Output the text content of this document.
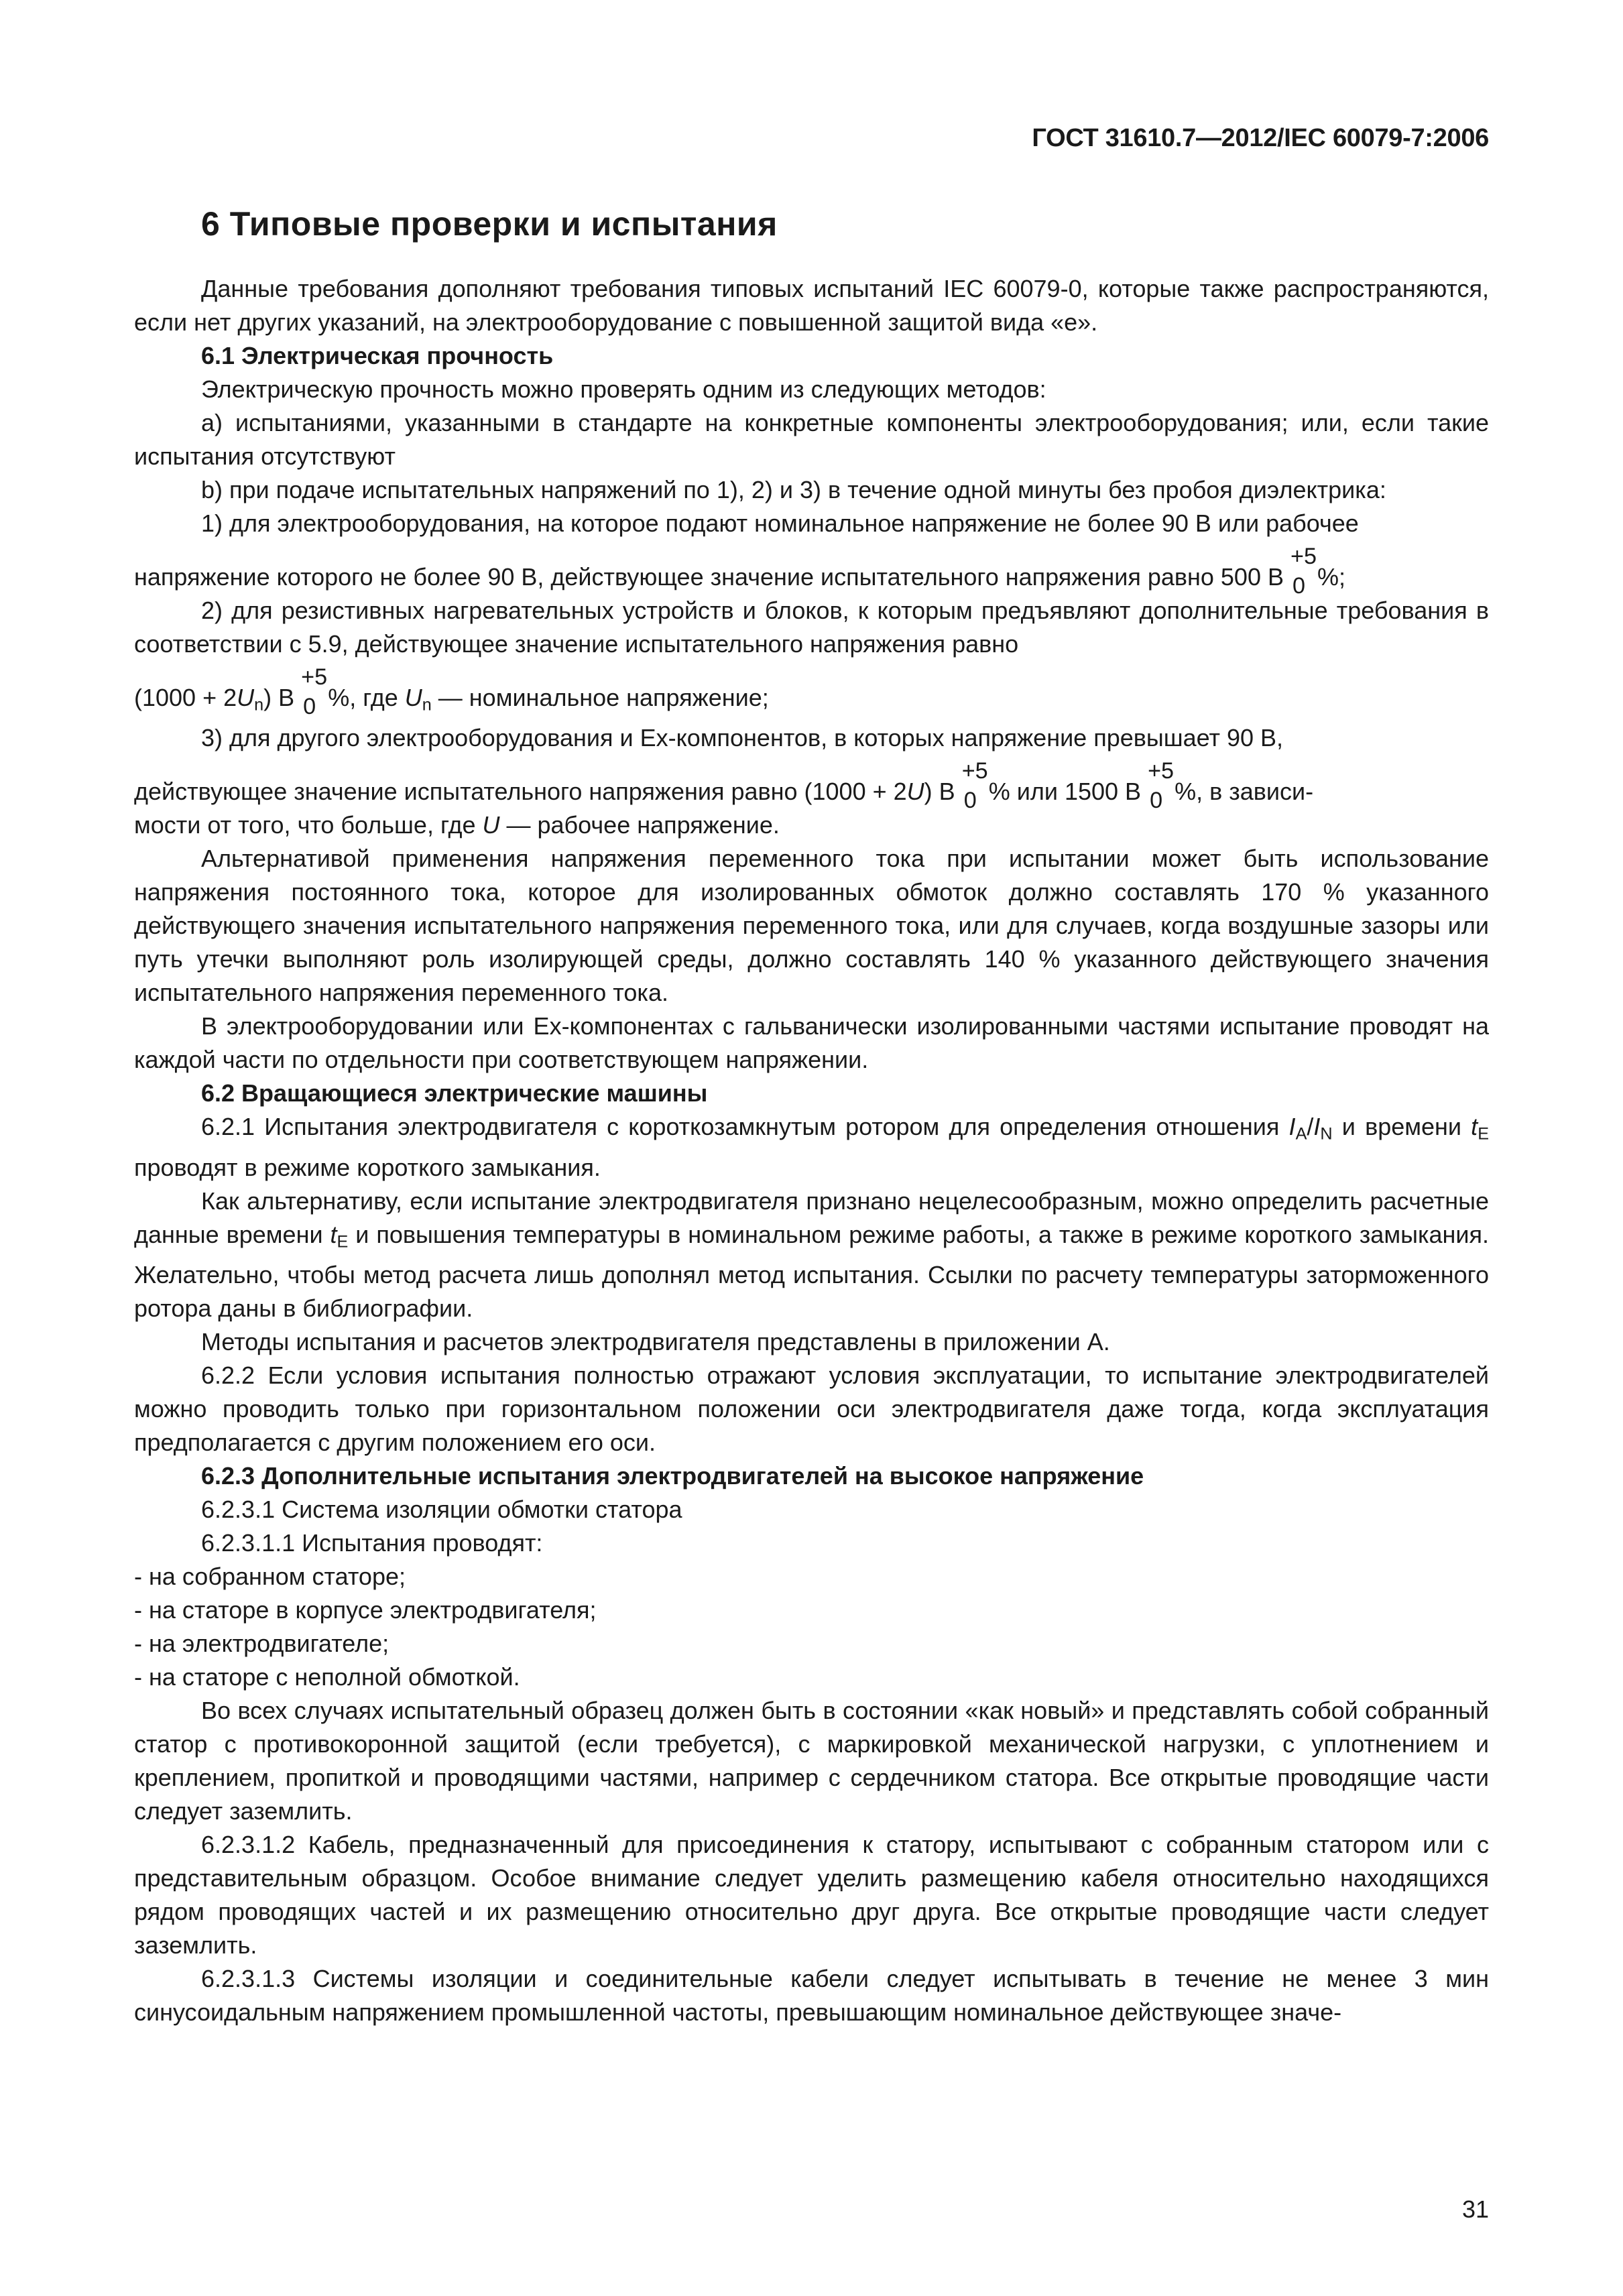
ГОСТ 31610.7—2012/IEC 60079-7:2006
6 Типовые проверки и испытания

Данные требования дополняют требования типовых испытаний IEC 60079-0, которые также распространяются, если нет других указаний, на электрооборудование с повышенной защитой вида «е».

6.1 Электрическая прочность

Электрическую прочность можно проверять одним из следующих методов:

a) испытаниями, указанными в стандарте на конкретные компоненты электрооборудования; или, если такие испытания отсутствуют

b) при подаче испытательных напряжений по 1), 2) и 3) в течение одной минуты без пробоя диэлектрика:

1) для электрооборудования, на которое подают номинальное напряжение не более 90 В или рабочее
напряжение которого не более 90 В, действующее значение испытательного напряжения равно 500 В
+5
0 %;

2) для резистивных нагревательных устройств и блоков, к которым предъявляют дополнительные требования в соответствии с 5.9, действующее значение испытательного напряжения равно
$(1000 + 2U_n)$ В
+5
0 %, где $U_n$ — номинальное напряжение;

3) для другого электрооборудования и Ex-компонентов, в которых напряжение превышает 90 В,
действующее значение испытательного напряжения равно (1000 + 2U) В
+5
0 % или 1500 В
+5
0 %, в зависи-
мости от того, что больше, где U — рабочее напряжение.

Альтернативой применения напряжения переменного тока при испытании может быть использование напряжения постоянного тока, которое для изолированных обмоток должно составлять 170 % указанного действующего значения испытательного напряжения переменного тока, или для случаев, когда воздушные зазоры или путь утечки выполняют роль изолирующей среды, должно составлять 140 % указанного действующего значения испытательного напряжения переменного тока.

В электрооборудовании или Ex-компонентах с гальванически изолированными частями испытание проводят на каждой части по отдельности при соответствующем напряжении.

6.2 Вращающиеся электрические машины

6.2.1 Испытания электродвигателя с короткозамкнутым ротором для определения отношения $I_A/I_N$ и времени $t_E$ проводят в режиме короткого замыкания.

Как альтернативу, если испытание электродвигателя признано нецелесообразным, можно определить расчетные данные времени $t_E$ и повышения температуры в номинальном режиме работы, а также в режиме короткого замыкания. Желательно, чтобы метод расчета лишь дополнял метод испытания. Ссылки по расчету температуры заторможенного ротора даны в библиографии.

Методы испытания и расчетов электродвигателя представлены в приложении А.

6.2.2 Если условия испытания полностью отражают условия эксплуатации, то испытание электродвигателей можно проводить только при горизонтальном положении оси электродвигателя даже тогда, когда эксплуатация предполагается с другим положением его оси.

6.2.3 Дополнительные испытания электродвигателей на высокое напряжение

6.2.3.1 Система изоляции обмотки статора

6.2.3.1.1 Испытания проводят:

- на собранном статоре;

- на статоре в корпусе электродвигателя;

- на электродвигателе;

- на статоре с неполной обмоткой.

Во всех случаях испытательный образец должен быть в состоянии «как новый» и представлять собой собранный статор с противокоронной защитой (если требуется), с маркировкой механической нагрузки, с уплотнением и креплением, пропиткой и проводящими частями, например с сердечником статора. Все открытые проводящие части следует заземлить.

6.2.3.1.2 Кабель, предназначенный для присоединения к статору, испытывают с собранным статором или с представительным образцом. Особое внимание следует уделить размещению кабеля относительно находящихся рядом проводящих частей и их размещению относительно друг друга. Все открытые проводящие части следует заземлить.

6.2.3.1.3 Системы изоляции и соединительные кабели следует испытывать в течение не менее 3 мин синусоидальным напряжением промышленной частоты, превышающим номинальное действующее значе-

31
